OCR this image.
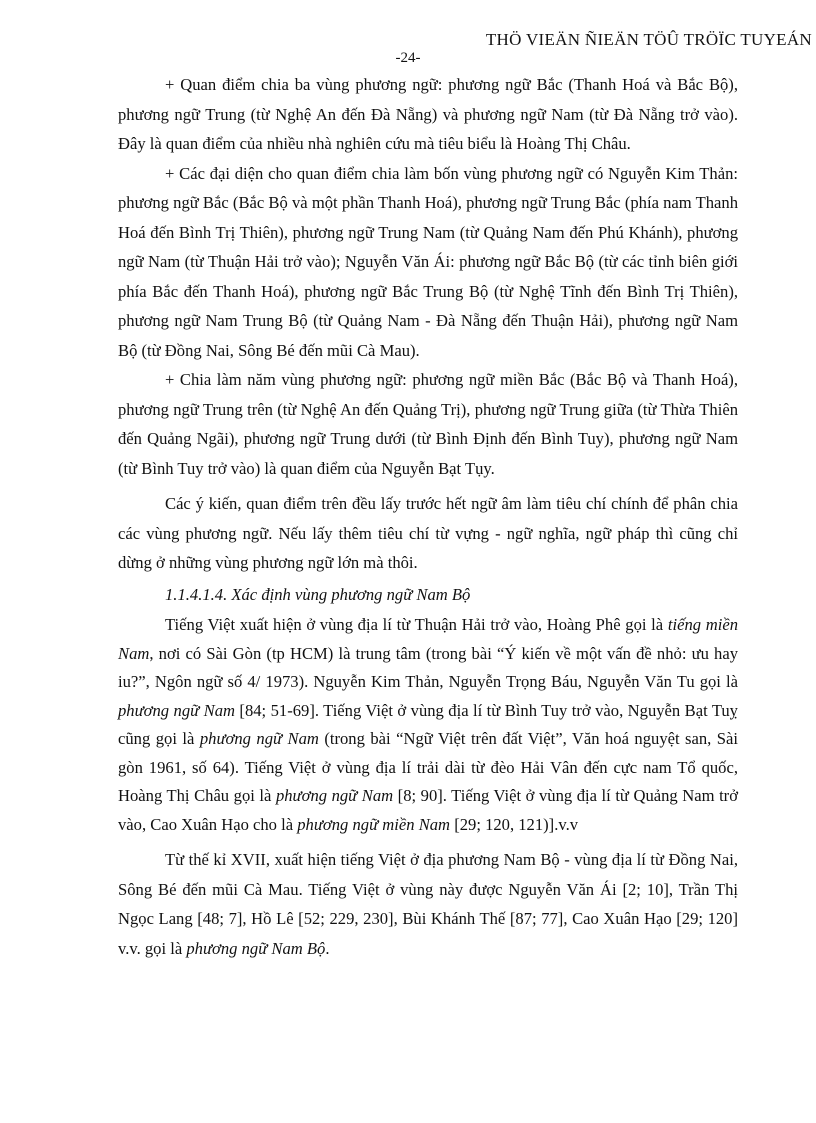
THÖ VIEÄN ÑIEÄN TÖÛ TRÖÏC TUYEÁN
-24-

+ Quan điểm chia ba vùng phương ngữ: phương ngữ Bắc (Thanh Hoá và Bắc Bộ), phương ngữ Trung (từ Nghệ An đến Đà Nẵng) và phương ngữ Nam (từ Đà Nẵng trở vào). Đây là quan điểm của nhiều nhà nghiên cứu mà tiêu biểu là Hoàng Thị Châu.

+ Các đại diện cho quan điểm chia làm bốn vùng phương ngữ có Nguyễn Kim Thản: phương ngữ Bắc (Bắc Bộ và một phần Thanh Hoá), phương ngữ Trung Bắc (phía nam Thanh Hoá đến Bình Trị Thiên), phương ngữ Trung Nam (từ Quảng Nam đến Phú Khánh), phương ngữ Nam (từ Thuận Hải trở vào); Nguyễn Văn Ái: phương ngữ Bắc Bộ (từ các tỉnh biên giới phía Bắc đến Thanh Hoá), phương ngữ Bắc Trung Bộ (từ Nghệ Tĩnh đến Bình Trị Thiên), phương ngữ Nam Trung Bộ (từ Quảng Nam - Đà Nẵng đến Thuận Hải), phương ngữ Nam Bộ (từ Đồng Nai, Sông Bé đến mũi Cà Mau).

+ Chia làm năm vùng phương ngữ: phương ngữ miền Bắc (Bắc Bộ và Thanh Hoá), phương ngữ Trung trên (từ Nghệ An đến Quảng Trị), phương ngữ Trung giữa (từ Thừa Thiên đến Quảng Ngãi), phương ngữ Trung dưới (từ Bình Định đến Bình Tuy), phương ngữ Nam (từ Bình Tuy trở vào) là quan điểm của Nguyễn Bạt Tụy.

Các ý kiến, quan điểm trên đều lấy trước hết ngữ âm làm tiêu chí chính để phân chia các vùng phương ngữ. Nếu lấy thêm tiêu chí từ vựng - ngữ nghĩa, ngữ pháp thì cũng chỉ dừng ở những vùng phương ngữ lớn mà thôi.

1.1.4.1.4. Xác định vùng phương ngữ Nam Bộ

Tiếng Việt xuất hiện ở vùng địa lí từ Thuận Hải trở vào, Hoàng Phê gọi là tiếng miền Nam, nơi có Sài Gòn (tp HCM) là trung tâm (trong bài “Ý kiến về một vấn đề nhỏ: ưu hay iu?”, Ngôn ngữ số 4/ 1973). Nguyễn Kim Thản, Nguyễn Trọng Báu, Nguyễn Văn Tu gọi là phương ngữ Nam [84; 51-69]. Tiếng Việt ở vùng địa lí từ Bình Tuy trở vào, Nguyễn Bạt Tuỵ cũng gọi là phương ngữ Nam (trong bài “Ngữ Việt trên đất Việt”, Văn hoá nguyệt san, Sài gòn 1961, số 64). Tiếng Việt ở vùng địa lí trải dài từ đèo Hải Vân đến cực nam Tổ quốc, Hoàng Thị Châu gọi là phương ngữ Nam [8; 90]. Tiếng Việt ở vùng địa lí từ Quảng Nam trở vào, Cao Xuân Hạo cho là phương ngữ miền Nam [29; 120, 121)].v.v

Từ thế kỉ XVII, xuất hiện tiếng Việt ở địa phương Nam Bộ - vùng địa lí từ Đồng Nai, Sông Bé đến mũi Cà Mau. Tiếng Việt ở vùng này được Nguyễn Văn Ái [2; 10], Trần Thị Ngọc Lang [48; 7], Hồ Lê [52; 229, 230], Bùi Khánh Thế [87; 77], Cao Xuân Hạo [29; 120] v.v. gọi là phương ngữ Nam Bộ.
